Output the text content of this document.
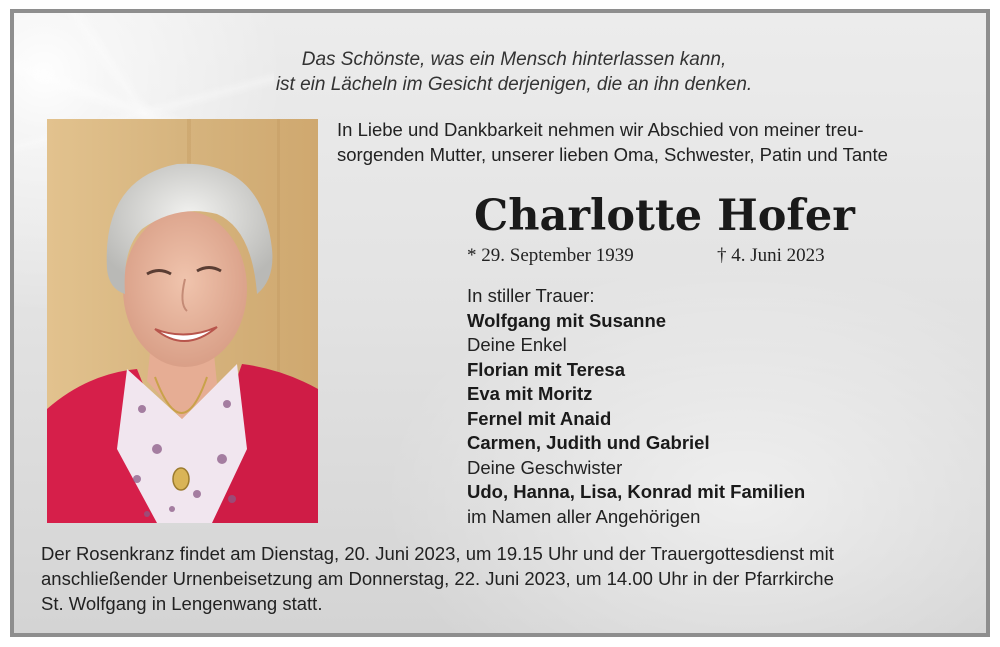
Das Schönste, was ein Mensch hinterlassen kann,
ist ein Lächeln im Gesicht derjenigen, die an ihn denken.
In Liebe und Dankbarkeit nehmen wir Abschied von meiner treu-
sorgenden Mutter, unserer lieben Oma, Schwester, Patin und Tante
Charlotte Hofer
* 29. September 1939	† 4. Juni 2023
In stiller Trauer:
Wolfgang mit Susanne
Deine Enkel
Florian mit Teresa
Eva mit Moritz
Fernel mit Anaid
Carmen, Judith und Gabriel
Deine Geschwister
Udo, Hanna, Lisa, Konrad mit Familien
im Namen aller Angehörigen
Der Rosenkranz findet am Dienstag, 20. Juni 2023, um 19.15 Uhr und der Trauergottesdienst mit
anschließender Urnenbeisetzung am Donnerstag, 22. Juni 2023, um 14.00 Uhr in der Pfarrkirche
St. Wolfgang in Lengenwang statt.
